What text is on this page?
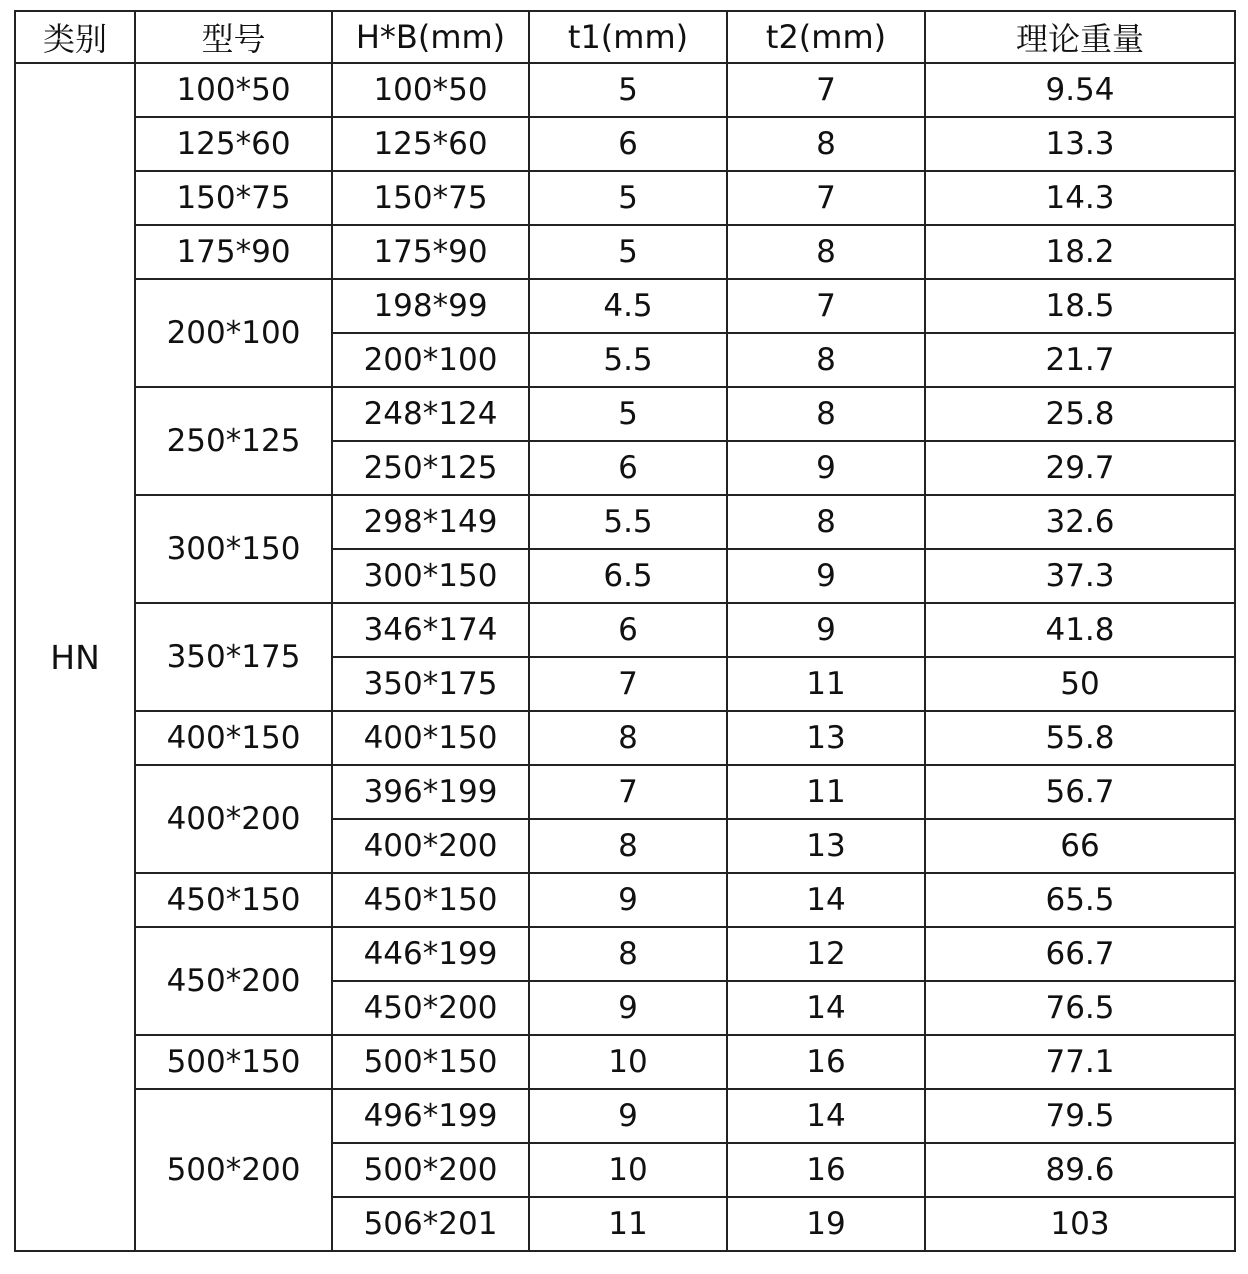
类别	型号	H*B(mm)	t1(mm)	t2(mm)	理论重量
HN	100*50	100*50	5	7	9.54
	125*60	125*60	6	8	13.3
	150*75	150*75	5	7	14.3
	175*90	175*90	5	8	18.2
	200*100	198*99	4.5	7	18.5
		200*100	5.5	8	21.7
	250*125	248*124	5	8	25.8
		250*125	6	9	29.7
	300*150	298*149	5.5	8	32.6
		300*150	6.5	9	37.3
	350*175	346*174	6	9	41.8
		350*175	7	11	50
	400*150	400*150	8	13	55.8
	400*200	396*199	7	11	56.7
		400*200	8	13	66
	450*150	450*150	9	14	65.5
	450*200	446*199	8	12	66.7
		450*200	9	14	76.5
	500*150	500*150	10	16	77.1
	500*200	496*199	9	14	79.5
		500*200	10	16	89.6
		506*201	11	19	103
